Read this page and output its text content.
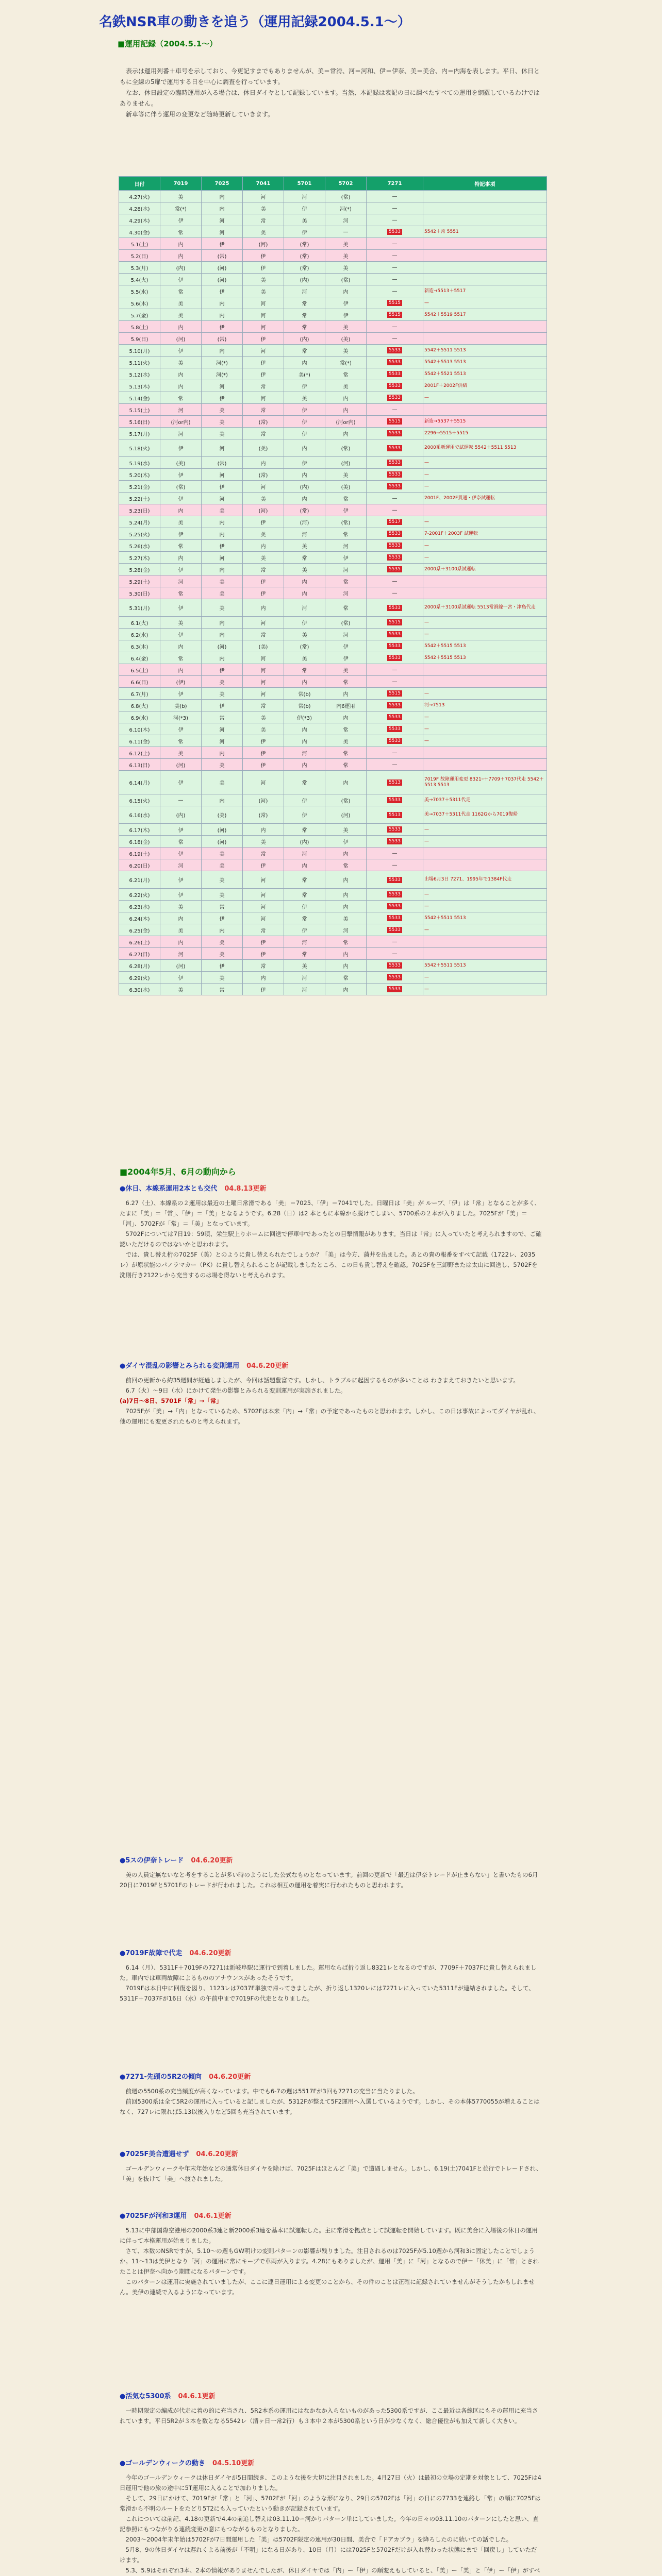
名鉄NSR車の動きを追う（運用記録2004.5.1～）
■運用記録（2004.5.1～）

　表示は運用列番＋車号を示しており、今更記すまでもありませんが、美＝常滑、河＝河和、伊＝伊奈、美＝美合、内＝内海を表します。平日、休日ともに全線の5扉で運用する日を中心に調査を行っています。

　なお、休日設定の臨時運用が入る場合は、休日ダイヤとして記録しています。当然、本記録は表記の日に調べたすべての運用を網羅しているわけではありません。

　新車等に伴う運用の変更など随時更新していきます。

日付	7019	7025	7041	5701	5702	7271	特記事項
4.27(火)	美	内	河	河	(常)	—	
4.28(水)	常(*)	内	美	伊	河(*)	—	
4.29(木)	伊	河	常	美	河	—	
4.30(金)	常	河	美	伊	—	5533	5542＋常 5551
5.1(土)	内	伊	(河)	(常)	美	—	
5.2(日)	内	(常)	伊	(常)	美	—	
5.3(月)	(内)	(河)	伊	(常)	美	—	
5.4(火)	伊	(河)	美	(内)	(常)	—	
5.5(水)	常	伊	美	河	内	—	新造→5513＋5517
5.6(木)	美	内	河	常	伊	5515	—
5.7(金)	美	内	河	常	伊	5515	5542＋5519 5517
5.8(土)	内	伊	河	常	美	—	
5.9(日)	(河)	(常)	伊	(内)	(美)	—	
5.10(月)	伊	内	河	常	美	5533	5542＋5511 5513
5.11(火)	美	河(*)	伊	内	常(*)	5533	5542＋5513 5513
5.12(水)	内	河(*)	伊	美(*)	常	5533	5542＋5521 5513
5.13(木)	内	河	常	伊	美	5533	2001F＋2002F併結
5.14(金)	常	伊	河	美	内	5533	—
5.15(土)	河	美	常	伊	内	—	
5.16(日)	(河or内)	美	(常)	伊	(河or内)	5515	新造→5537＋5515
5.17(月)	河	美	常	伊	内	5533	2296→5515＋5515
5.18(火)	伊	河	(美)	内	(常)	5533	2000系新運用で試運転 5542＋5511 5513
5.19(水)	(美)	(常)	内	伊	(河)	5533	—
5.20(木)	伊	河	(常)	内	美	5533	—
5.21(金)	(常)	伊	河	(内)	(美)	5533	—
5.22(土)	伊	河	美	内	常	—	2001F、2002F貫通・伊奈試運転
5.23(日)	内	美	(河)	(常)	伊	—	
5.24(月)	美	内	伊	(河)	(常)	5517	—
5.25(火)	伊	内	美	河	常	5533	7-2001F＋2003F 試運転
5.26(水)	常	伊	内	美	河	5533	—
5.27(木)	内	河	美	常	伊	5533	—
5.28(金)	伊	内	常	美	河	5535	2000系＋3100系試運転
5.29(土)	河	美	伊	内	常	—	
5.30(日)	常	美	伊	内	河	—	
5.31(月)	伊	美	内	河	常	5533	2000系＋3100系試運転 5513常滑線一宮・津島代走
6.1(火)	美	内	河	伊	(常)	5515	—
6.2(水)	伊	内	常	美	河	5533	—
6.3(木)	内	(河)	(美)	(常)	伊	5533	5542＋5515 5513
6.4(金)	常	内	河	美	伊	5533	5542＋5515 5513
6.5(土)	内	伊	河	常	美	—	
6.6(日)	(伊)	美	河	内	常	—	
6.7(月)	伊	美	河	常(b)	内	5515	—
6.8(火)	美(b)	伊	常	常(b)	内6運用	5533	河→7513
6.9(水)	河(*3)	常	美	伊(*3)	内	5533	—
6.10(木)	伊	河	美	内	常	5533	—
6.11(金)	常	河	伊	内	美	5533	—
6.12(土)	美	内	伊	河	常	—	
6.13(日)	(河)	美	伊	内	常	—	
6.14(月)	伊	美	河	常	内	5513	7019F 故障運用変更 8321ｰ＋7709＋7037代走 5542＋5513 5513
6.15(火)	—	内	(河)	伊	(常)	5533	美→7037＋5311代走
6.16(水)	(内)	(美)	(常)	伊	(河)	5513	美→7037＋5311代走 1162Gから7019復帰
6.17(木)	伊	(河)	内	常	美	5533	—
6.18(金)	常	(河)	美	(内)	伊	5533	—
6.19(土)	伊	美	常	河	内	—	
6.20(日)	河	美	伊	内	常	—	
6.21(月)	伊	美	河	常	内	5533	出場6月3日 7271、1995年で1384F代走
6.22(火)	伊	美	河	常	内	5533	—
6.23(水)	美	常	河	伊	内	5533	—
6.24(木)	内	伊	河	常	美	5533	5542＋5511 5513
6.25(金)	美	内	常	伊	河	5533	—
6.26(土)	内	美	伊	河	常	—	
6.27(日)	河	美	伊	常	内	—	
6.28(月)	(河)	伊	常	美	内	5533	5542＋5511 5513
6.29(火)	伊	美	内	河	常	5533	—
6.30(水)	美	常	伊	河	内	5533	—
■2004年5月、6月の動向から
●休日、本線系運用2本とも交代 04.8.13更新

　6.27（土）、本線系の２運用は最近の土曜日常滑である「美」＝7025、「伊」＝7041でした。日曜日は「美」が ループ、「伊」は「常」となることが多く、たまに「美」＝「常」、「伊」＝「美」となるようです。6.28（日）は2 本ともに本線から脱けてしまい、5700系の２本が入りました。7025Fが「美」＝「河」、5702Fが「常」＝「美」となっています。

　5702Fについては7日19：59頃、栄生駅上りホームに回送で停車中であったとの目撃情報があります。当日は「常」に入っていたと考えられますので、ご確認いただけるのではないかと思われます。

　では、貴し替え桁の7025F（美）とのように貴し替えられたでしょうか？「美」は今方、蒲井を出ました。あとの貴の報番をすべて記載（1722レ、2035レ）が原状能のパノラマカー（PK）に貴し替えられることが記載しましたところ、この日も貴し替えを確認。7025Fを三卸野または太山に回送し、5702Fを洗則行き2122レから充当するのは場を得ないと考えられます。

●ダイヤ混乱の影響とみられる変則運用 04.6.20更新

　前回の更新から約35週間が経過しましたが、今回は話題豊富です。しかし、トラブルに起因するものが多いことは わきまえておきたいと思います。

　6.7（火）～9日（水）にかけて発生の影響とみられる変則運用が実施されました。

(a)7日～8日、5701F「常」→「常」

　7025Fが「美」→「内」となっているため、5702Fは本来「内」→「常」の予定であったものと思われます。しかし、この日は事故によってダイヤが乱れ、他の運用にも変更されたものと考えられます。

●5スの伊奈トレード 04.6.20更新

　美の人員定無ないなと考をすることが多い時のようにした公式なものとなっています。前回の更新で「最近は伊奈トレードが止まらない」と書いたもの6月20日に7019Fと5701Fのトレードが行われました。これは相互の運用を着実に行われたものと思われます。

●7019F故障で代走 04.6.20更新

　6.14（月）、5311F＋7019Fの7271は新岐阜駅に運行で到着しました。運用ならば折り返し8321レとなるのですが、7709F＋7037Fに貴し替えられました。車内では車両故障によるもののアナウンスがあったそうです。

　7019Fは本日中に回復を図り、1123レは7037F単独で帰ってきましたが、折り返し1320レには7271レに入っていた5311Fが連結されました。そして、5311F＋7037Fが16日（水）の午前中まで7019Fの代走となりました。

●7271-先頭の5R2の傾向 04.6.20更新

　前週の5500系の充当頻度が高くなっています。中でも6-7の週は5517Fが3回も7271の充当に当たりました。

　前回5300系は全て5R2の運用に入っていると記しましたが、5312Fが整えて5F2運用へ入選しているようです。しかし、その本体5770055が増えることはなく、727レに限れば5.13以後入りなど5回も充当されています。

●7025F美合遭遇せず 04.6.20更新

　ゴールデンウィークや年末年始などの通常休日ダイヤを除けば、7025Fはほとんど「美」で遭遇しません。しかし、6.19(土)7041Fと並行でトレードされ、「美」を抜けて「美」へ渡されました。

●7025Fが河和3運用 04.6.1更新

　5.13に中部国際空港用の2000系3連と新2000系3連を基本に試運転した。主に常滑を拠点として試運転を開始しています。既に美合に入場後の休日の運用に伴って本格運用が始まりました。

　さて、本数のNSRですが、5.10～の週もGW明けの変則パターンの影響が残りました。注目されるのは7025Fが5.10週から河和3に固定したことでしょうか。11～13は美伊となり「河」の運用に常にキープで車両が入ります。4.28にもありましたが、運用「美」に「河」となるので伊＝「休美」に「常」とされたことは伊奈へ向かう期間になるパターンです。

　このパターンは運用に実施されていましたが、ここに連日運用による変更のことから、その件のことは正確に記録されていませんがそうしたかもしれません。美伊の連続で入るようになっています。

●活気な5300系 04.6.1更新

　一時期限定の編成が代走に着の的に充当され、5R2本系の運用にはなかなか入らないものがあった5300系ですが、ここ最近は各線区にもその運用に充当されています。平日5R2が３本を数となる5542レ（清ヶ日一常2行）も３本中２本が5300系という日が少なくなく、総合優位がも加えて新しく大きい。

●ゴールデンウィークの動き 04.5.10更新

　今年のゴールデンウィークは休日ダイヤが5日間続き、このような後を大切に注目されました。4月27日（火）は最初の立場の定期を対象として、7025Fは4日運用で他の旅の途中に5T運用に入ることで加わりました。

　そして、29日にかけて、7019Fが「常」と「河」、5702Fが「河」のような形になり、29日の5702Fは「河」の日にの7733を連絡し「常」の順に7025Fは常滑から不明のルートをたどり5T2にも入っていたという動きが記録されています。

　これについては前記、4.18の更新で4.4の前追し替えは03.11.10ー河かりパターン単にしていました。今年の日々の03.11.10のパターンにしたと思い、直記参照にもつながりる連続変更の意にもつながるものとなりました。

　2003～2004年末年始は5702Fが7日間運用した「美」は5702F限定の連用が30日間、美合で「ドアカブラ」を降ろしたのに続いての話でした。

　5月8、9の休日ダイヤは遅れくよる前後が「不明」になる日があり、10日（月）には7025Fと5702Fだけが入れ替わった状態にまで「回戻し」していただけます。

　5.3、5.9はそれぞれ3本、2本の情報がありませんでしたが、休日ダイヤでは「内」ー「伊」の順変えもしていると、「美」ー「美」と「伊」ー「伊」がすべ
